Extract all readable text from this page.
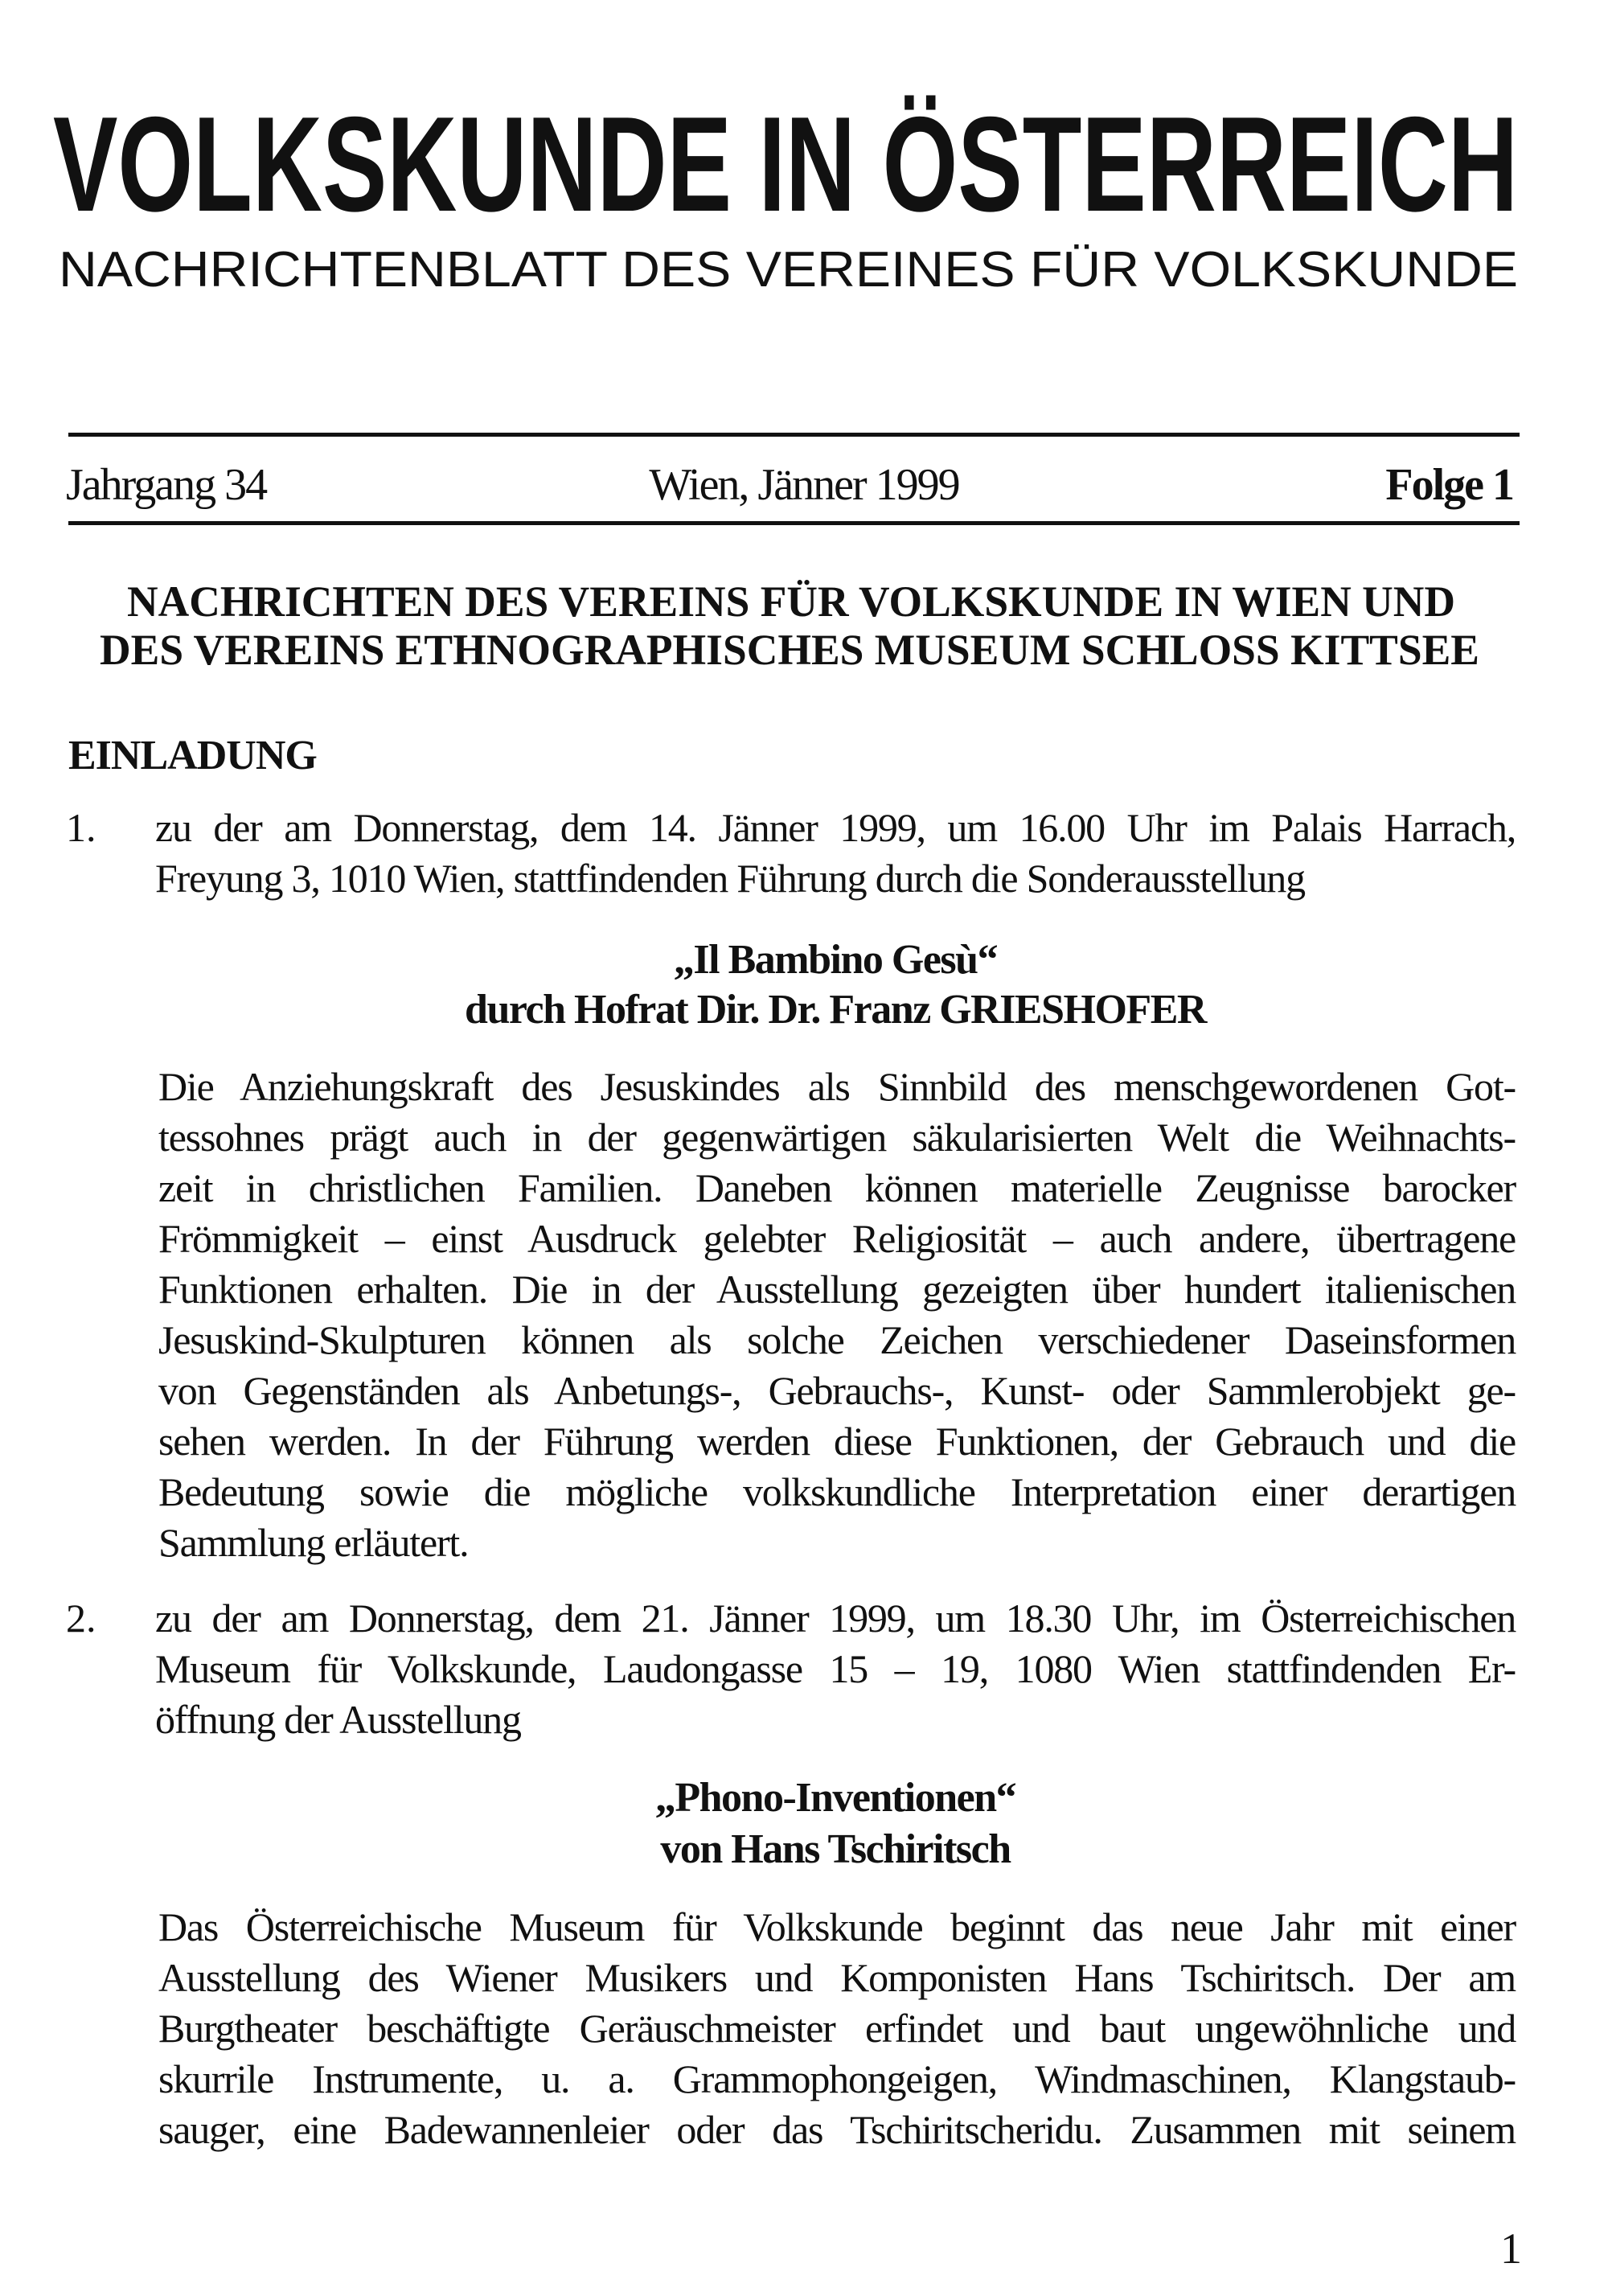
VOLKSKUNDE IN ÖSTERREICH
NACHRICHTENBLATT DES VEREINES FÜR VOLKSKUNDE
Jahrgang 34	Wien, Jänner 1999	Folge 1
NACHRICHTEN DES VEREINS FÜR VOLKSKUNDE IN WIEN UND
DES VEREINS ETHNOGRAPHISCHES MUSEUM SCHLOSS KITTSEE
EINLADUNG
1. zu der am Donnerstag, dem 14. Jänner 1999, um 16.00 Uhr im Palais Harrach,
Freyung 3, 1010 Wien, stattfindenden Führung durch die Sonderausstellung
„Il Bambino Gesù“
durch Hofrat Dir. Dr. Franz GRIESHOFER
Die Anziehungskraft des Jesuskindes als Sinnbild des menschgewordenen Got-
tessohnes prägt auch in der gegenwärtigen säkularisierten Welt die Weihnachts-
zeit in christlichen Familien. Daneben können materielle Zeugnisse barocker
Frömmigkeit – einst Ausdruck gelebter Religiosität – auch andere, übertragene
Funktionen erhalten. Die in der Ausstellung gezeigten über hundert italienischen
Jesuskind-Skulpturen können als solche Zeichen verschiedener Daseinsformen
von Gegenständen als Anbetungs-, Gebrauchs-, Kunst- oder Sammlerobjekt ge-
sehen werden. In der Führung werden diese Funktionen, der Gebrauch und die
Bedeutung sowie die mögliche volkskundliche Interpretation einer derartigen
Sammlung erläutert.
2. zu der am Donnerstag, dem 21. Jänner 1999, um 18.30 Uhr, im Österreichischen
Museum für Volkskunde, Laudongasse 15 – 19, 1080 Wien stattfindenden Er-
öffnung der Ausstellung
„Phono-Inventionen“
von Hans Tschiritsch
Das Österreichische Museum für Volkskunde beginnt das neue Jahr mit einer
Ausstellung des Wiener Musikers und Komponisten Hans Tschiritsch. Der am
Burgtheater beschäftigte Geräuschmeister erfindet und baut ungewöhnliche und
skurrile Instrumente, u. a. Grammophongeigen, Windmaschinen, Klangstaub-
sauger, eine Badewannenleier oder das Tschiritscheridu. Zusammen mit seinem
1
